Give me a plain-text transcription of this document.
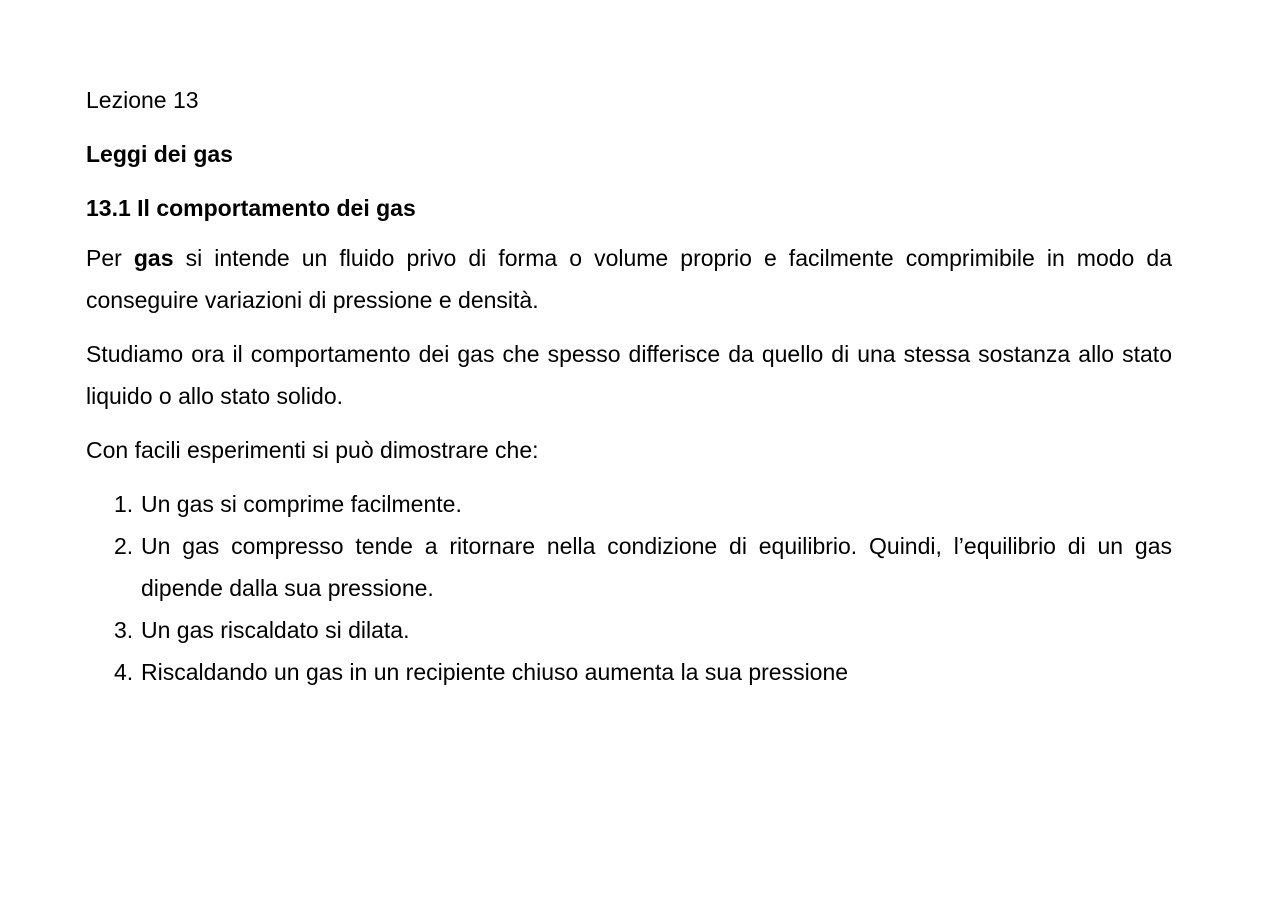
Lezione 13

Leggi dei gas
13.1 Il comportamento dei gas

Per gas si intende un fluido privo di forma o volume proprio e facilmente comprimibile in modo da conseguire variazioni di pressione e densità.

Studiamo ora il comportamento dei gas che spesso differisce da quello di una stessa sostanza allo stato liquido o allo stato solido.

Con facili esperimenti si può dimostrare che:

1. Un gas si comprime facilmente.
2. Un gas compresso tende a ritornare nella condizione di equilibrio. Quindi, l’equilibrio di un gas dipende dalla sua pressione.
3. Un gas riscaldato si dilata.
4. Riscaldando un gas in un recipiente chiuso aumenta la sua pressione
